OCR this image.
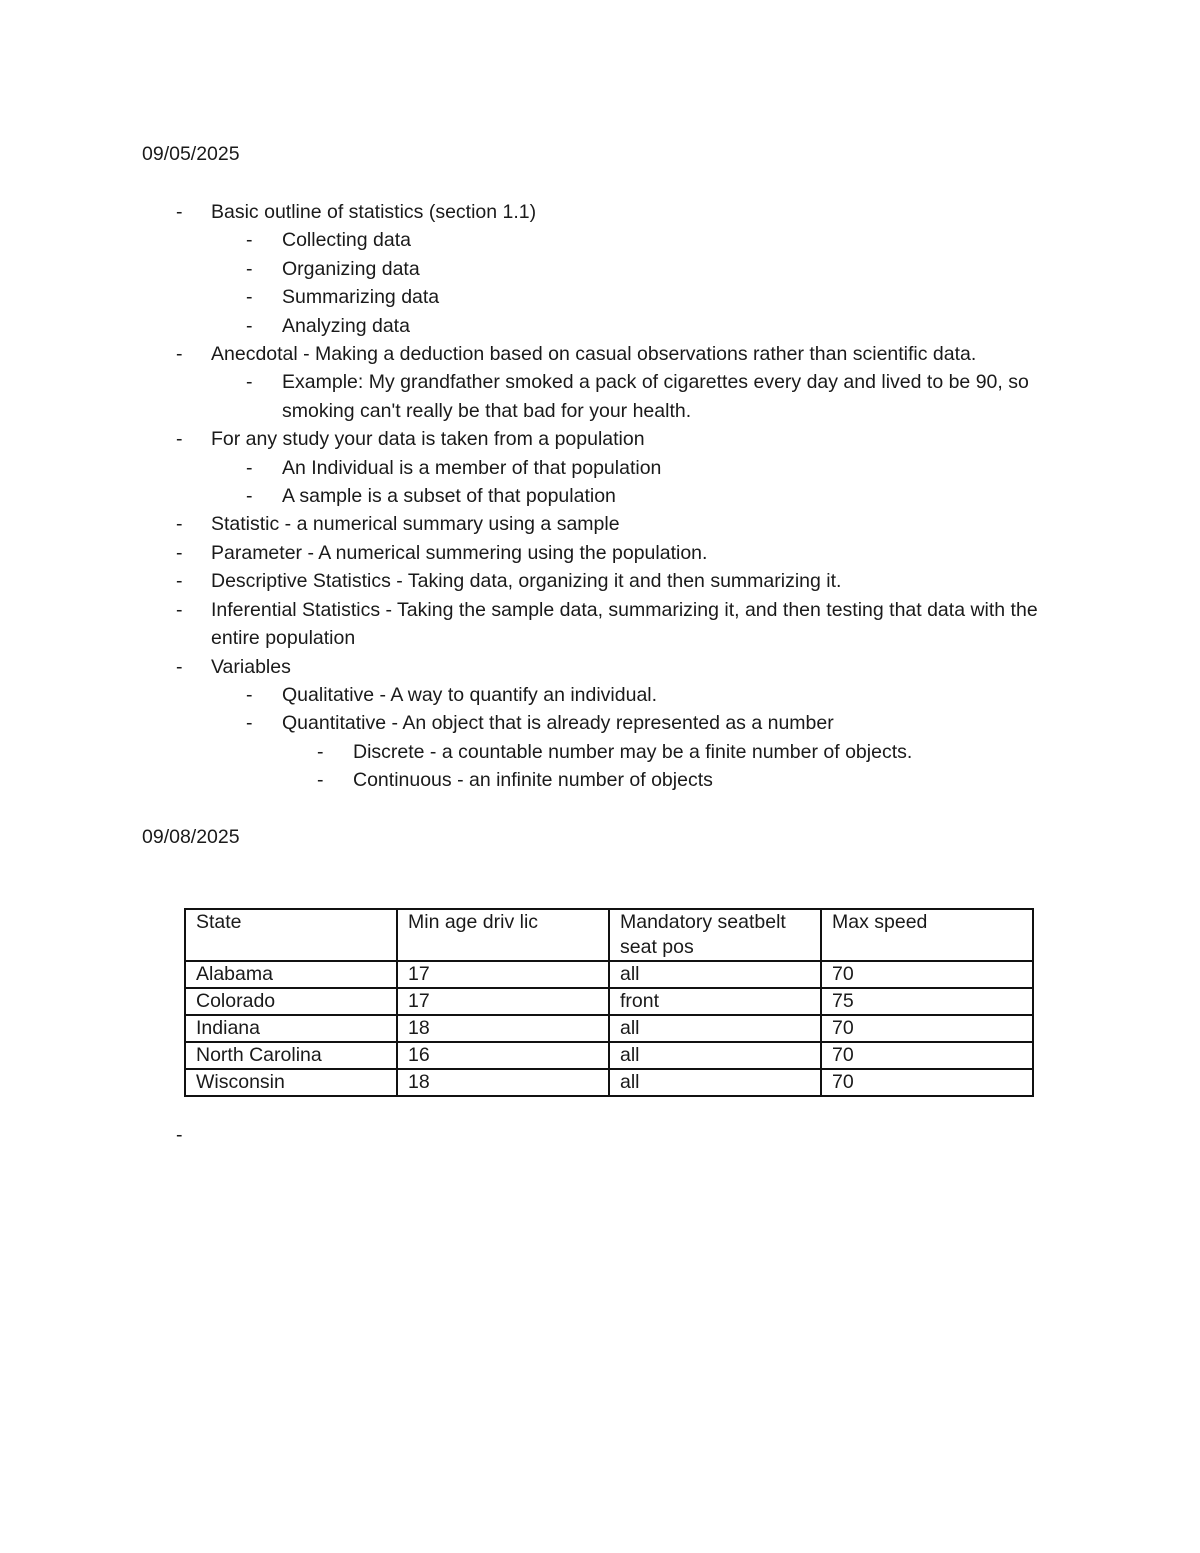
09/05/2025
- Basic outline of statistics (section 1.1)
- Collecting data
- Organizing data
- Summarizing data
- Analyzing data
- Anecdotal - Making a deduction based on casual observations rather than scientific data.
- Example: My grandfather smoked a pack of cigarettes every day and lived to be 90, so smoking can't really be that bad for your health.
- For any study your data is taken from a population
- An Individual is a member of that population
- A sample is a subset of that population
- Statistic - a numerical summary using a sample
- Parameter - A numerical summering using the population.
- Descriptive Statistics - Taking data, organizing it and then summarizing it.
- Inferential Statistics - Taking the sample data, summarizing it, and then testing that data with the entire population
- Variables
- Qualitative - A way to quantify an individual.
- Quantitative - An object that is already represented as a number
- Discrete - a countable number may be a finite number of objects.
- Continuous - an infinite number of objects
09/08/2025
State	Min age driv lic	Mandatory seatbelt seat pos	Max speed
Alabama	17	all	70
Colorado	17	front	75
Indiana	18	all	70
North Carolina	16	all	70
Wisconsin	18	all	70
-
